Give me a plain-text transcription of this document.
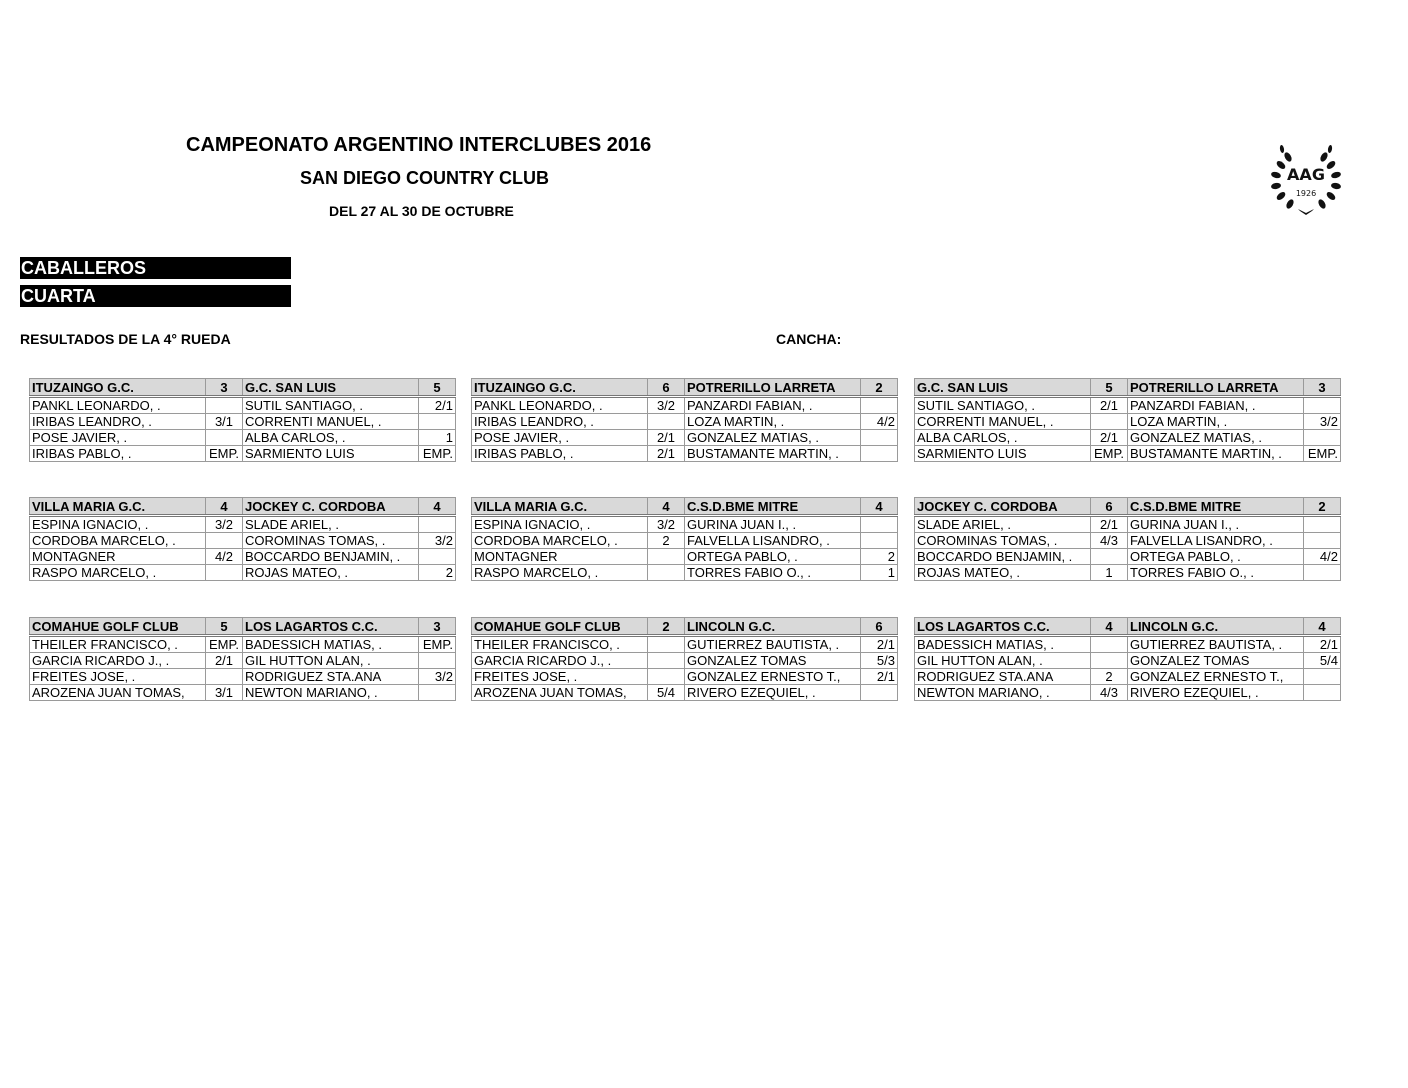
CAMPEONATO ARGENTINO INTERCLUBES 2016
SAN DIEGO COUNTRY CLUB
DEL 27 AL 30 DE OCTUBRE
AAG
1926
CABALLEROS
CUARTA
RESULTADOS DE LA 4° RUEDA	CANCHA:
ITUZAINGO G.C.	3	G.C. SAN LUIS	5
PANKL LEONARDO, .		SUTIL SANTIAGO, .	2/1
IRIBAS LEANDRO, .	3/1	CORRENTI MANUEL, .	
POSE JAVIER, .		ALBA CARLOS, .	1
IRIBAS PABLO, .	EMP.	SARMIENTO LUIS	EMP.
ITUZAINGO G.C.	6	POTRERILLO LARRETA	2
PANKL LEONARDO, .	3/2	PANZARDI FABIAN, .	
IRIBAS LEANDRO, .		LOZA MARTIN, .	4/2
POSE JAVIER, .	2/1	GONZALEZ MATIAS, .	
IRIBAS PABLO, .	2/1	BUSTAMANTE MARTIN, .	
G.C. SAN LUIS	5	POTRERILLO LARRETA	3
SUTIL SANTIAGO, .	2/1	PANZARDI FABIAN, .	
CORRENTI MANUEL, .		LOZA MARTIN, .	3/2
ALBA CARLOS, .	2/1	GONZALEZ MATIAS, .	
SARMIENTO LUIS	EMP.	BUSTAMANTE MARTIN, .	EMP.
VILLA MARIA G.C.	4	JOCKEY C. CORDOBA	4
ESPINA IGNACIO, .	3/2	SLADE ARIEL, .	
CORDOBA MARCELO, .		COROMINAS TOMAS, .	3/2
MONTAGNER	4/2	BOCCARDO BENJAMIN, .	
RASPO MARCELO, .		ROJAS MATEO, .	2
VILLA MARIA G.C.	4	C.S.D.BME MITRE	4
ESPINA IGNACIO, .	3/2	GURINA JUAN I., .	
CORDOBA MARCELO, .	2	FALVELLA LISANDRO, .	
MONTAGNER		ORTEGA PABLO, .	2
RASPO MARCELO, .		TORRES FABIO O., .	1
JOCKEY C. CORDOBA	6	C.S.D.BME MITRE	2
SLADE ARIEL, .	2/1	GURINA JUAN I., .	
COROMINAS TOMAS, .	4/3	FALVELLA LISANDRO, .	
BOCCARDO BENJAMIN, .		ORTEGA PABLO, .	4/2
ROJAS MATEO, .	1	TORRES FABIO O., .	
COMAHUE GOLF CLUB	5	LOS LAGARTOS C.C.	3
THEILER FRANCISCO, .	EMP.	BADESSICH MATIAS, .	EMP.
GARCIA RICARDO J., .	2/1	GIL HUTTON ALAN, .	
FREITES JOSE, .		RODRIGUEZ STA.ANA	3/2
AROZENA JUAN TOMAS,	3/1	NEWTON MARIANO, .	
COMAHUE GOLF CLUB	2	LINCOLN G.C.	6
THEILER FRANCISCO, .		GUTIERREZ BAUTISTA, .	2/1
GARCIA RICARDO J., .		GONZALEZ TOMAS	5/3
FREITES JOSE, .		GONZALEZ ERNESTO T.,	2/1
AROZENA JUAN TOMAS,	5/4	RIVERO EZEQUIEL, .	
LOS LAGARTOS C.C.	4	LINCOLN G.C.	4
BADESSICH MATIAS, .		GUTIERREZ BAUTISTA, .	2/1
GIL HUTTON ALAN, .		GONZALEZ TOMAS	5/4
RODRIGUEZ STA.ANA	2	GONZALEZ ERNESTO T.,	
NEWTON MARIANO, .	4/3	RIVERO EZEQUIEL, .	
